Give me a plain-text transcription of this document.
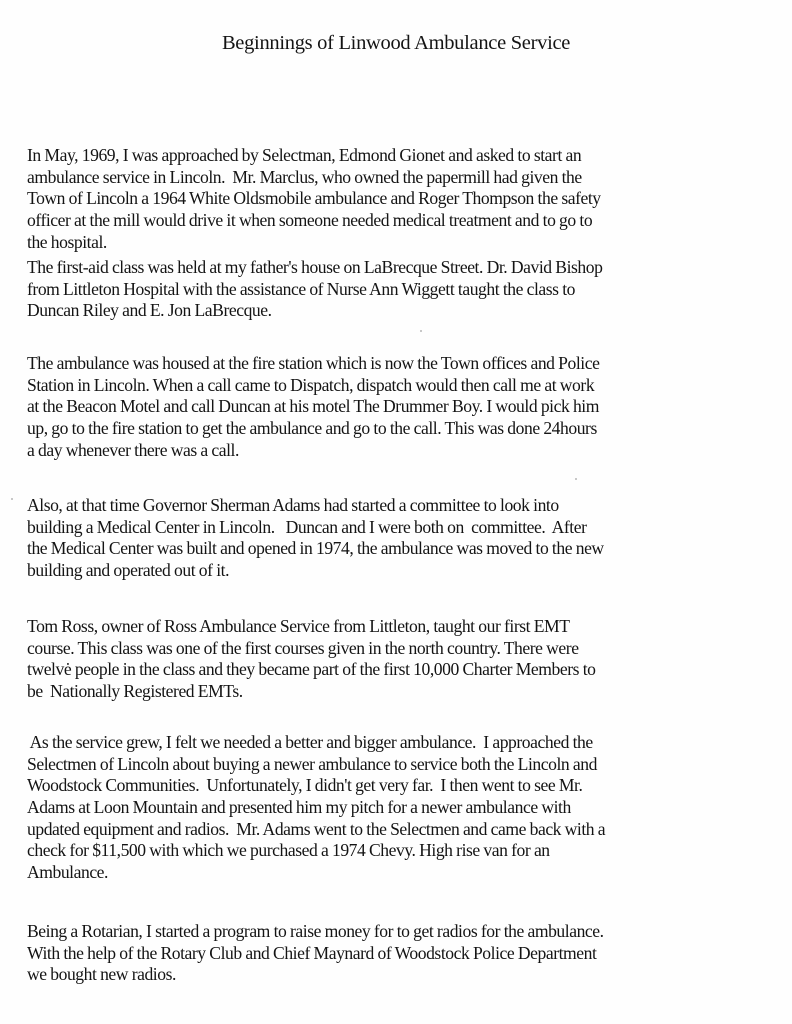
Beginnings of Linwood Ambulance Service
In May, 1969, I was approached by Selectman, Edmond Gionet and asked to start an
ambulance service in Lincoln.  Mr. Marclus, who owned the papermill had given the
Town of Lincoln a 1964 White Oldsmobile ambulance and Roger Thompson the safety
officer at the mill would drive it when someone needed medical treatment and to go to
the hospital.
The first-aid class was held at my father's house on LaBrecque Street. Dr. David Bishop
from Littleton Hospital with the assistance of Nurse Ann Wiggett taught the class to
Duncan Riley and E. Jon LaBrecque.
The ambulance was housed at the fire station which is now the Town offices and Police
Station in Lincoln. When a call came to Dispatch, dispatch would then call me at work
at the Beacon Motel and call Duncan at his motel The Drummer Boy. I would pick him
up, go to the fire station to get the ambulance and go to the call. This was done 24hours
a day whenever there was a call.
Also, at that time Governor Sherman Adams had started a committee to look into
building a Medical Center in Lincoln.   Duncan and I were both on  committee.  After
the Medical Center was built and opened in 1974, the ambulance was moved to the new
building and operated out of it.
Tom Ross, owner of Ross Ambulance Service from Littleton, taught our first EMT
course. This class was one of the first courses given in the north country. There were
twelvė people in the class and they became part of the first 10,000 Charter Members to
be  Nationally Registered EMTs.
As the service grew, I felt we needed a better and bigger ambulance.  I approached the
Selectmen of Lincoln about buying a newer ambulance to service both the Lincoln and
Woodstock Communities.  Unfortunately, I didn't get very far.  I then went to see Mr.
Adams at Loon Mountain and presented him my pitch for a newer ambulance with
updated equipment and radios.  Mr. Adams went to the Selectmen and came back with a
check for $11,500 with which we purchased a 1974 Chevy. High rise van for an
Ambulance.
Being a Rotarian, I started a program to raise money for to get radios for the ambulance.
With the help of the Rotary Club and Chief Maynard of Woodstock Police Department
we bought new radios.
